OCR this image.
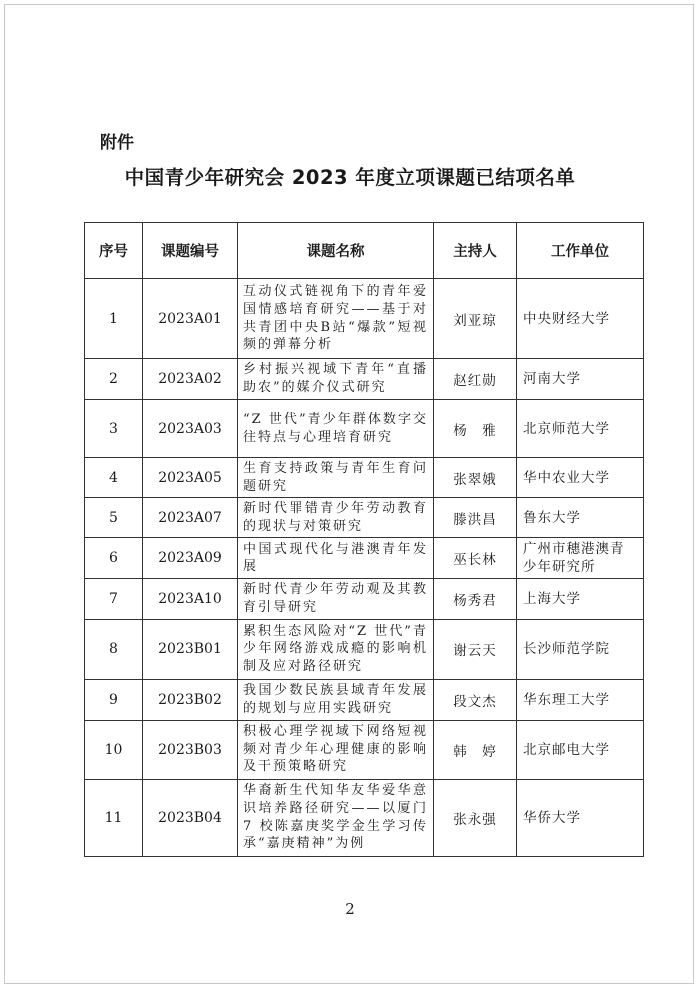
附件
中国青少年研究会 2023 年度立项课题已结项名单
序号	课题编号	课题名称	主持人	工作单位
1	2023A01	互动仪式链视角下的青年爱国情感培育研究——基于对共青团中央B站“爆款”短视频的弹幕分析	刘亚琼	中央财经大学
2	2023A02	乡村振兴视域下青年“直播助农”的媒介仪式研究	赵红勋	河南大学
3	2023A03	“Z 世代”青少年群体数字交往特点与心理培育研究	杨　雅	北京师范大学
4	2023A05	生育支持政策与青年生育问题研究	张翠娥	华中农业大学
5	2023A07	新时代罪错青少年劳动教育的现状与对策研究	滕洪昌	鲁东大学
6	2023A09	中国式现代化与港澳青年发展	巫长林	广州市穗港澳青少年研究所
7	2023A10	新时代青少年劳动观及其教育引导研究	杨秀君	上海大学
8	2023B01	累积生态风险对“Z 世代”青少年网络游戏成瘾的影响机制及应对路径研究	谢云天	长沙师范学院
9	2023B02	我国少数民族县域青年发展的规划与应用实践研究	段文杰	华东理工大学
10	2023B03	积极心理学视域下网络短视频对青少年心理健康的影响及干预策略研究	韩　婷	北京邮电大学
11	2023B04	华裔新生代知华友华爱华意识培养路径研究——以厦门 7 校陈嘉庚奖学金生学习传承“嘉庚精神”为例	张永强	华侨大学
2
